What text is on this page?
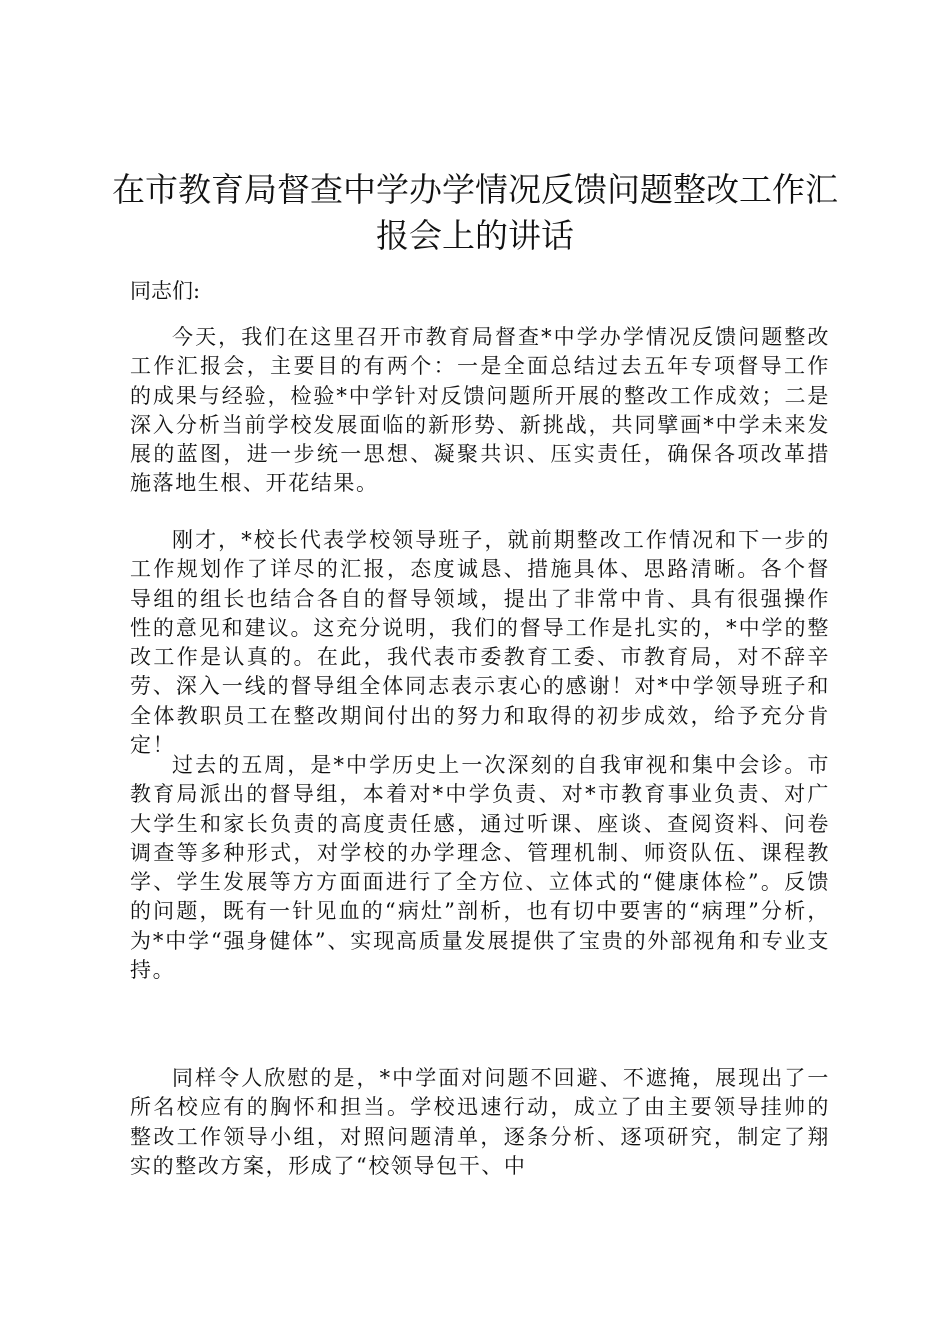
在市教育局督查中学办学情况反馈问题整改工作汇报会上的讲话

同志们:

今天，我们在这里召开市教育局督查*中学办学情况反馈问题整改工作汇报会，主要目的有两个：一是全面总结过去五年专项督导工作的成果与经验，检验*中学针对反馈问题所开展的整改工作成效；二是深入分析当前学校发展面临的新形势、新挑战，共同擘画*中学未来发展的蓝图，进一步统一思想、凝聚共识、压实责任，确保各项改革措施落地生根、开花结果。

刚才，*校长代表学校领导班子，就前期整改工作情况和下一步的工作规划作了详尽的汇报，态度诚恳、措施具体、思路清晰。各个督导组的组长也结合各自的督导领域，提出了非常中肯、具有很强操作性的意见和建议。这充分说明，我们的督导工作是扎实的，*中学的整改工作是认真的。在此，我代表市委教育工委、市教育局，对不辞辛劳、深入一线的督导组全体同志表示衷心的感谢！对*中学领导班子和全体教职员工在整改期间付出的努力和取得的初步成效，给予充分肯定！

过去的五周，是*中学历史上一次深刻的自我审视和集中会诊。市教育局派出的督导组，本着对*中学负责、对*市教育事业负责、对广大学生和家长负责的高度责任感，通过听课、座谈、查阅资料、问卷调查等多种形式，对学校的办学理念、管理机制、师资队伍、课程教学、学生发展等方方面面进行了全方位、立体式的“健康体检”。反馈的问题，既有一针见血的“病灶”剖析，也有切中要害的“病理”分析，为*中学“强身健体”、实现高质量发展提供了宝贵的外部视角和专业支持。

同样令人欣慰的是，*中学面对问题不回避、不遮掩，展现出了一所名校应有的胸怀和担当。学校迅速行动，成立了由主要领导挂帅的整改工作领导小组，对照问题清单，逐条分析、逐项研究，制定了翔实的整改方案，形成了“校领导包干、中
